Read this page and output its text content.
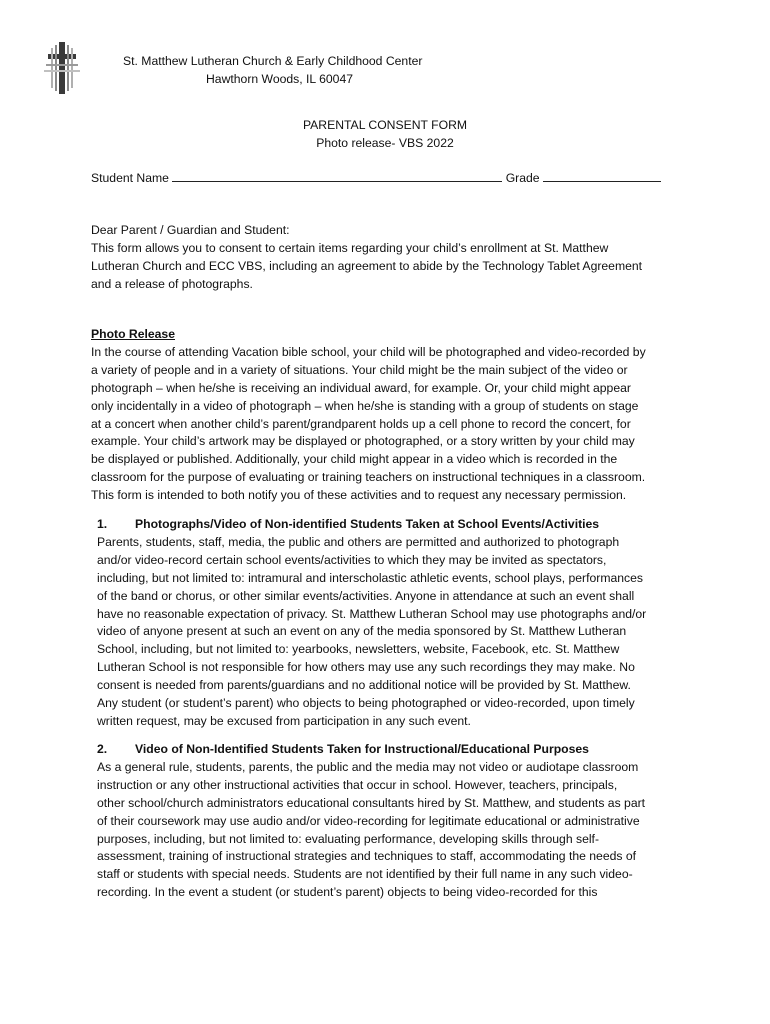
St. Matthew Lutheran Church & Early Childhood Center
Hawthorn Woods, IL 60047
PARENTAL CONSENT FORM
Photo release- VBS 2022
Student Name	Grade
Dear Parent / Guardian and Student:
This form allows you to consent to certain items regarding your child’s enrollment at St. Matthew
Lutheran Church and ECC VBS, including an agreement to abide by the Technology Tablet Agreement
and a release of photographs.
Photo Release
In the course of attending Vacation bible school, your child will be photographed and video-recorded by
a variety of people and in a variety of situations. Your child might be the main subject of the video or
photograph – when he/she is receiving an individual award, for example. Or, your child might appear
only incidentally in a video of photograph – when he/she is standing with a group of students on stage
at a concert when another child’s parent/grandparent holds up a cell phone to record the concert, for
example. Your child’s artwork may be displayed or photographed, or a story written by your child may
be displayed or published. Additionally, your child might appear in a video which is recorded in the
classroom for the purpose of evaluating or training teachers on instructional techniques in a classroom.
This form is intended to both notify you of these activities and to request any necessary permission.
1. Photographs/Video of Non-identified Students Taken at School Events/Activities
Parents, students, staff, media, the public and others are permitted and authorized to photograph
and/or video-record certain school events/activities to which they may be invited as spectators,
including, but not limited to: intramural and interscholastic athletic events, school plays, performances
of the band or chorus, or other similar events/activities. Anyone in attendance at such an event shall
have no reasonable expectation of privacy. St. Matthew Lutheran School may use photographs and/or
video of anyone present at such an event on any of the media sponsored by St. Matthew Lutheran
School, including, but not limited to: yearbooks, newsletters, website, Facebook, etc. St. Matthew
Lutheran School is not responsible for how others may use any such recordings they may make. No
consent is needed from parents/guardians and no additional notice will be provided by St. Matthew.
Any student (or student’s parent) who objects to being photographed or video-recorded, upon timely
written request, may be excused from participation in any such event.
2. Video of Non-Identified Students Taken for Instructional/Educational Purposes
As a general rule, students, parents, the public and the media may not video or audiotape classroom
instruction or any other instructional activities that occur in school. However, teachers, principals,
other school/church administrators educational consultants hired by St. Matthew, and students as part
of their coursework may use audio and/or video-recording for legitimate educational or administrative
purposes, including, but not limited to: evaluating performance, developing skills through self-
assessment, training of instructional strategies and techniques to staff, accommodating the needs of
staff or students with special needs. Students are not identified by their full name in any such video-
recording. In the event a student (or student’s parent) objects to being video-recorded for this
